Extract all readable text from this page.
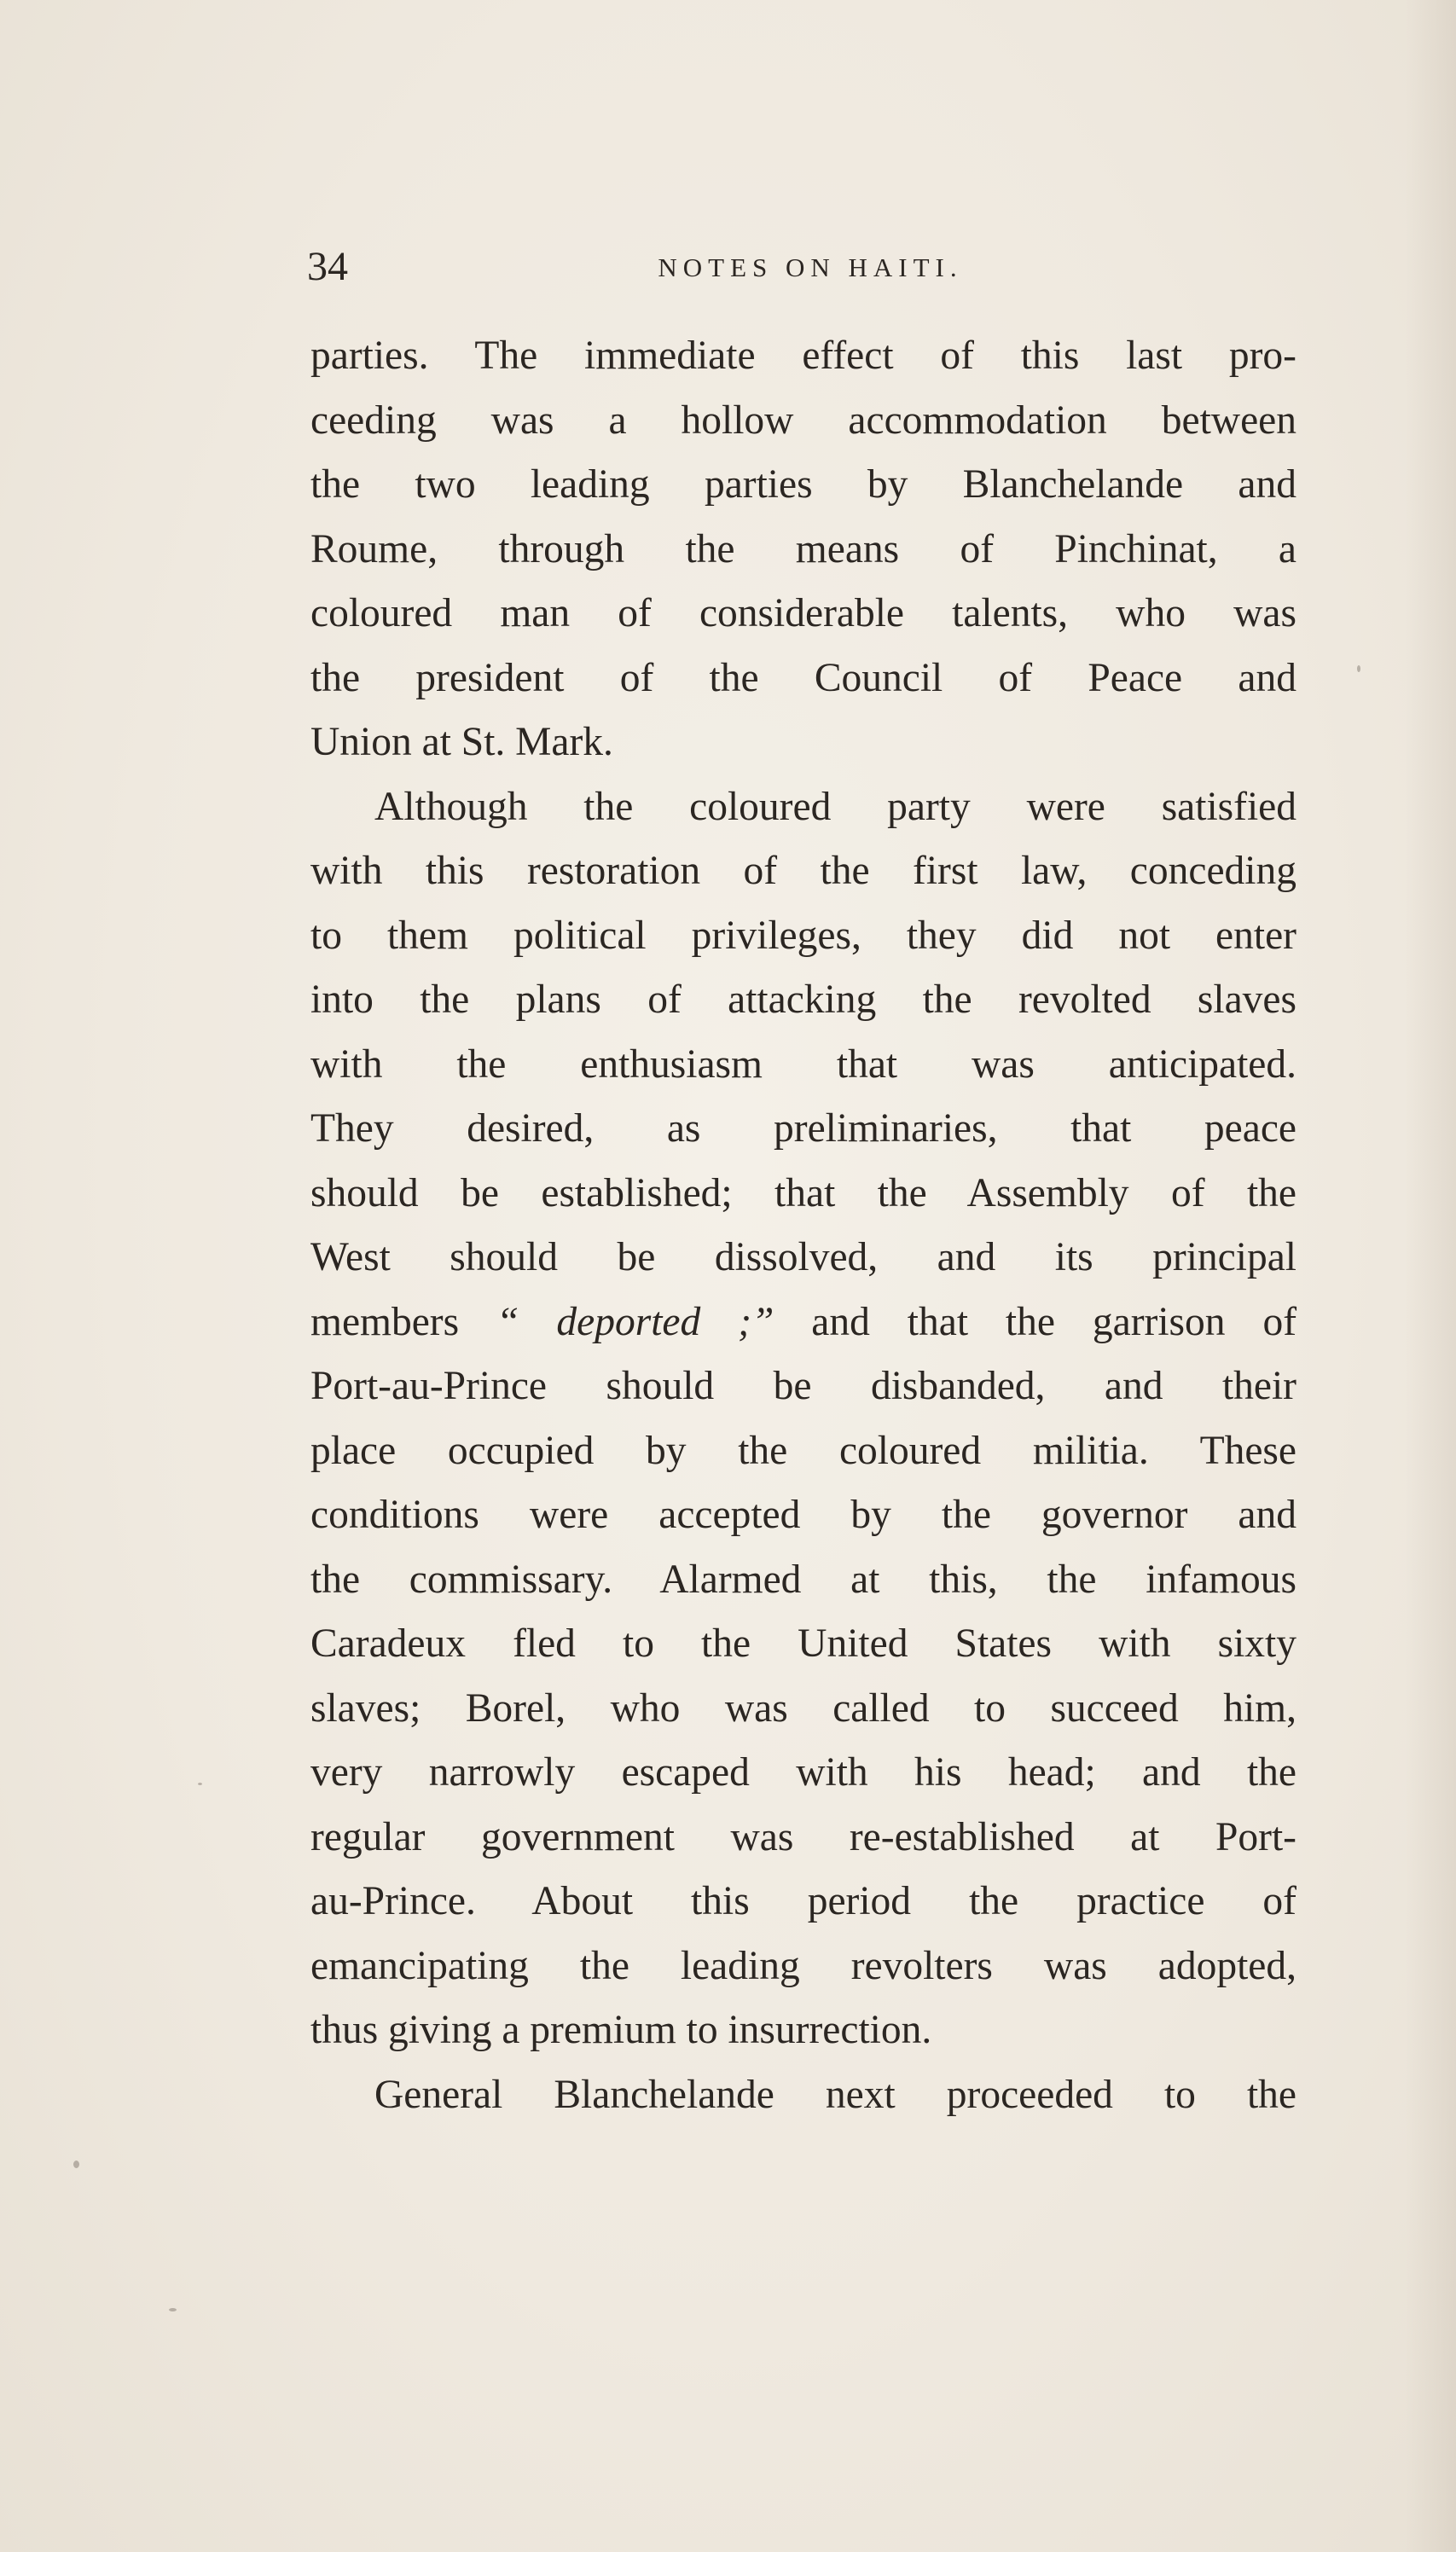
34	NOTES ON HAITI.
parties. The immediate effect of this last pro-
ceeding was a hollow accommodation between
the two leading parties by Blanchelande and
Roume, through the means of Pinchinat, a
coloured man of considerable talents, who was
the president of the Council of Peace and
Union at St. Mark.
Although the coloured party were satisfied
with this restoration of the first law, conceding
to them political privileges, they did not enter
into the plans of attacking the revolted slaves
with the enthusiasm that was anticipated.
They desired, as preliminaries, that peace
should be established; that the Assembly of the
West should be dissolved, and its principal
members “ deported ;” and that the garrison of
Port-au-Prince should be disbanded, and their
place occupied by the coloured militia. These
conditions were accepted by the governor and
the commissary. Alarmed at this, the infamous
Caradeux fled to the United States with sixty
slaves; Borel, who was called to succeed him,
very narrowly escaped with his head; and the
regular government was re-established at Port-
au-Prince. About this period the practice of
emancipating the leading revolters was adopted,
thus giving a premium to insurrection.
General Blanchelande next proceeded to the
